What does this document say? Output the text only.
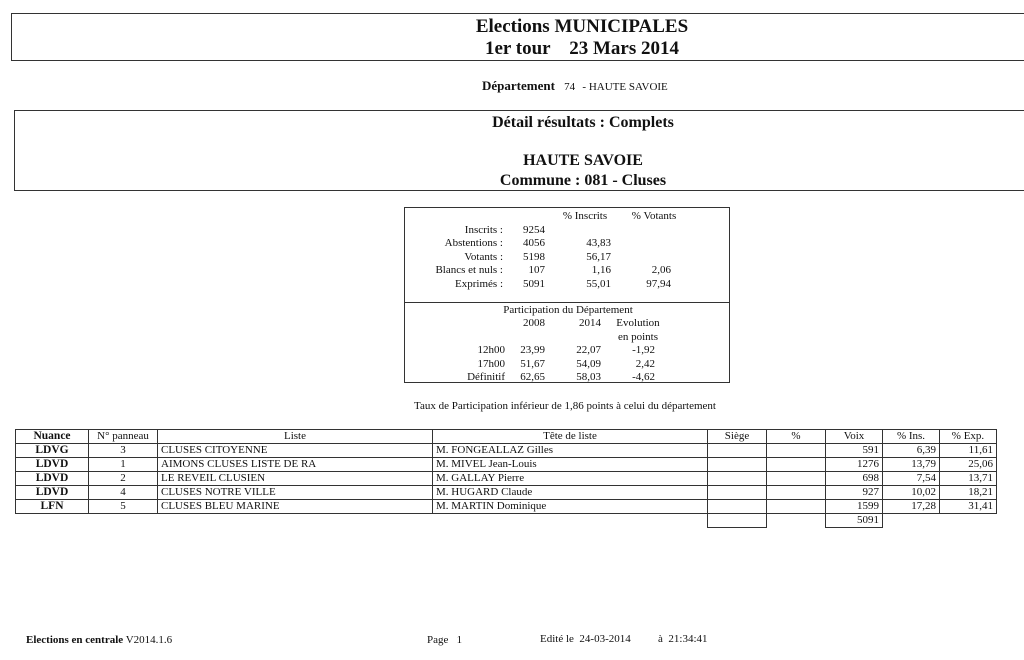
Elections MUNICIPALES
1er tour    23 Mars 2014
Département 74 - HAUTE SAVOIE
Détail résultats : Complets
HAUTE SAVOIE
Commune : 081 - Cluses
		% Inscrits	% Votants
Inscrits :	9254		
Abstentions :	4056	43,83	
Votants :	5198	56,17	
Blancs et nuls :	107	1,16	2,06
Exprimés :	5091	55,01	97,94
Participation du Département
	2008	2014	Evolution
			en points
12h00	23,99	22,07	-1,92
17h00	51,67	54,09	2,42
Définitif	62,65	58,03	-4,62
Taux de Participation inférieur de 1,86 points à celui du département
Nuance	N° panneau	Liste	Tête de liste	Siège	%	Voix	% Ins.	% Exp.
LDVG	3	CLUSES CITOYENNE	M. FONGEALLAZ Gilles			591	6,39	11,61
LDVD	1	AIMONS CLUSES LISTE DE RA	M. MIVEL Jean-Louis			1276	13,79	25,06
LDVD	2	LE REVEIL CLUSIEN	M. GALLAY Pierre			698	7,54	13,71
LDVD	4	CLUSES NOTRE VILLE	M. HUGARD Claude			927	10,02	18,21
LFN	5	CLUSES BLEU MARINE	M. MARTIN Dominique			1599	17,28	31,41
						5091		
Elections en centrale V2014.1.6	Page   1	Edité le  24-03-2014 à  21:34:41
